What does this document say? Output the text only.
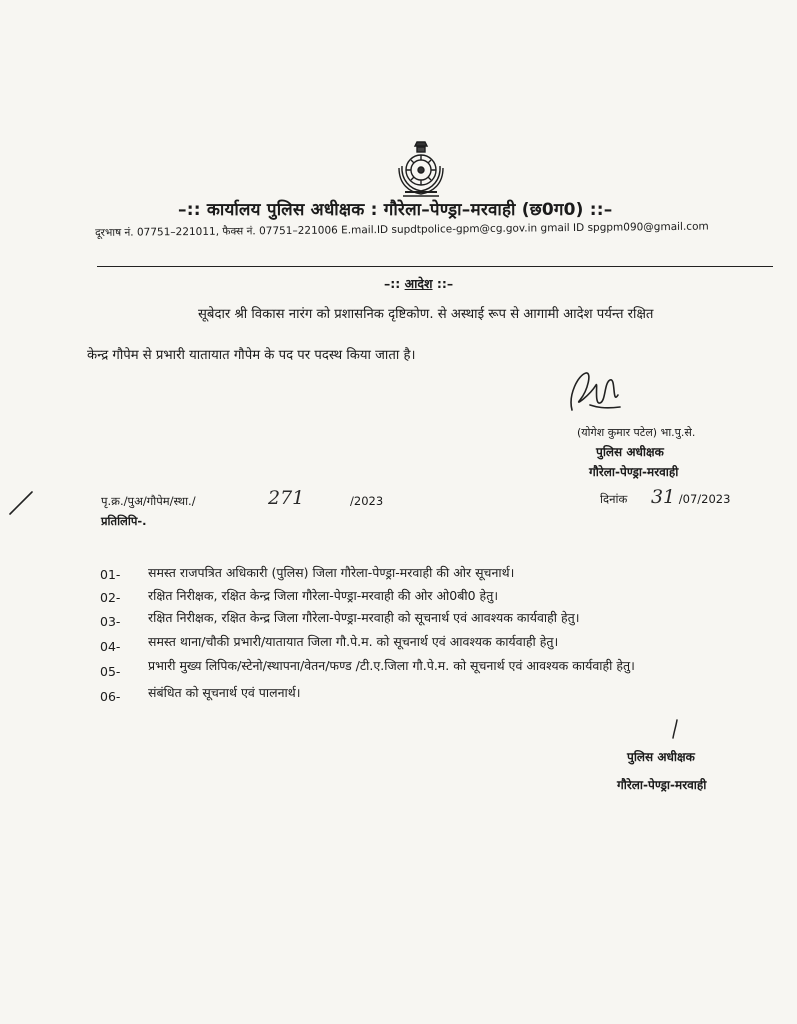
–:: कार्यालय पुलिस अधीक्षक : गौरेला–पेण्ड्रा–मरवाही (छ0ग0) ::–
दूरभाष नं. 07751–221011, फैक्स नं. 07751–221006 E.mail.ID supdtpolice-gpm@cg.gov.in gmail ID spgpm090@gmail.com
–:: आदेश ::–
सूबेदार श्री विकास नारंग को प्रशासनिक दृष्टिकोण. से अस्थाई रूप से आगामी आदेश पर्यन्त रक्षित
केन्द्र गौपेम से प्रभारी यातायात गौपेम के पद पर पदस्थ किया जाता है।
(योगेश कुमार पटेल) भा.पु.से.
पुलिस अधीक्षक
गौरेला-पेण्ड्रा-मरवाही
दिनांक 31 /07/2023
पृ.क्र./पुअ/गौपेम/स्था./	271	/2023
प्रतिलिपि-.
01- समस्त राजपत्रित अधिकारी (पुलिस) जिला गौरेला-पेण्ड्रा-मरवाही की ओर सूचनार्थ।
02- रक्षित निरीक्षक, रक्षित केन्द्र जिला गौरेला-पेण्ड्रा-मरवाही की ओर ओ0बी0 हेतु।
03- रक्षित निरीक्षक, रक्षित केन्द्र जिला गौरेला-पेण्ड्रा-मरवाही को सूचनार्थ एवं आवश्यक कार्यवाही हेतु।
04- समस्त थाना/चौकी प्रभारी/यातायात जिला गौ.पे.म. को सूचनार्थ एवं आवश्यक कार्यवाही हेतु।
05- प्रभारी मुख्य लिपिक/स्टेनो/स्थापना/वेतन/फण्ड /टी.ए.जिला गौ.पे.म. को सूचनार्थ एवं आवश्यक कार्यवाही हेतु।
06- संबंधित को सूचनार्थ एवं पालनार्थ।
पुलिस अधीक्षक
गौरेला-पेण्ड्रा-मरवाही
